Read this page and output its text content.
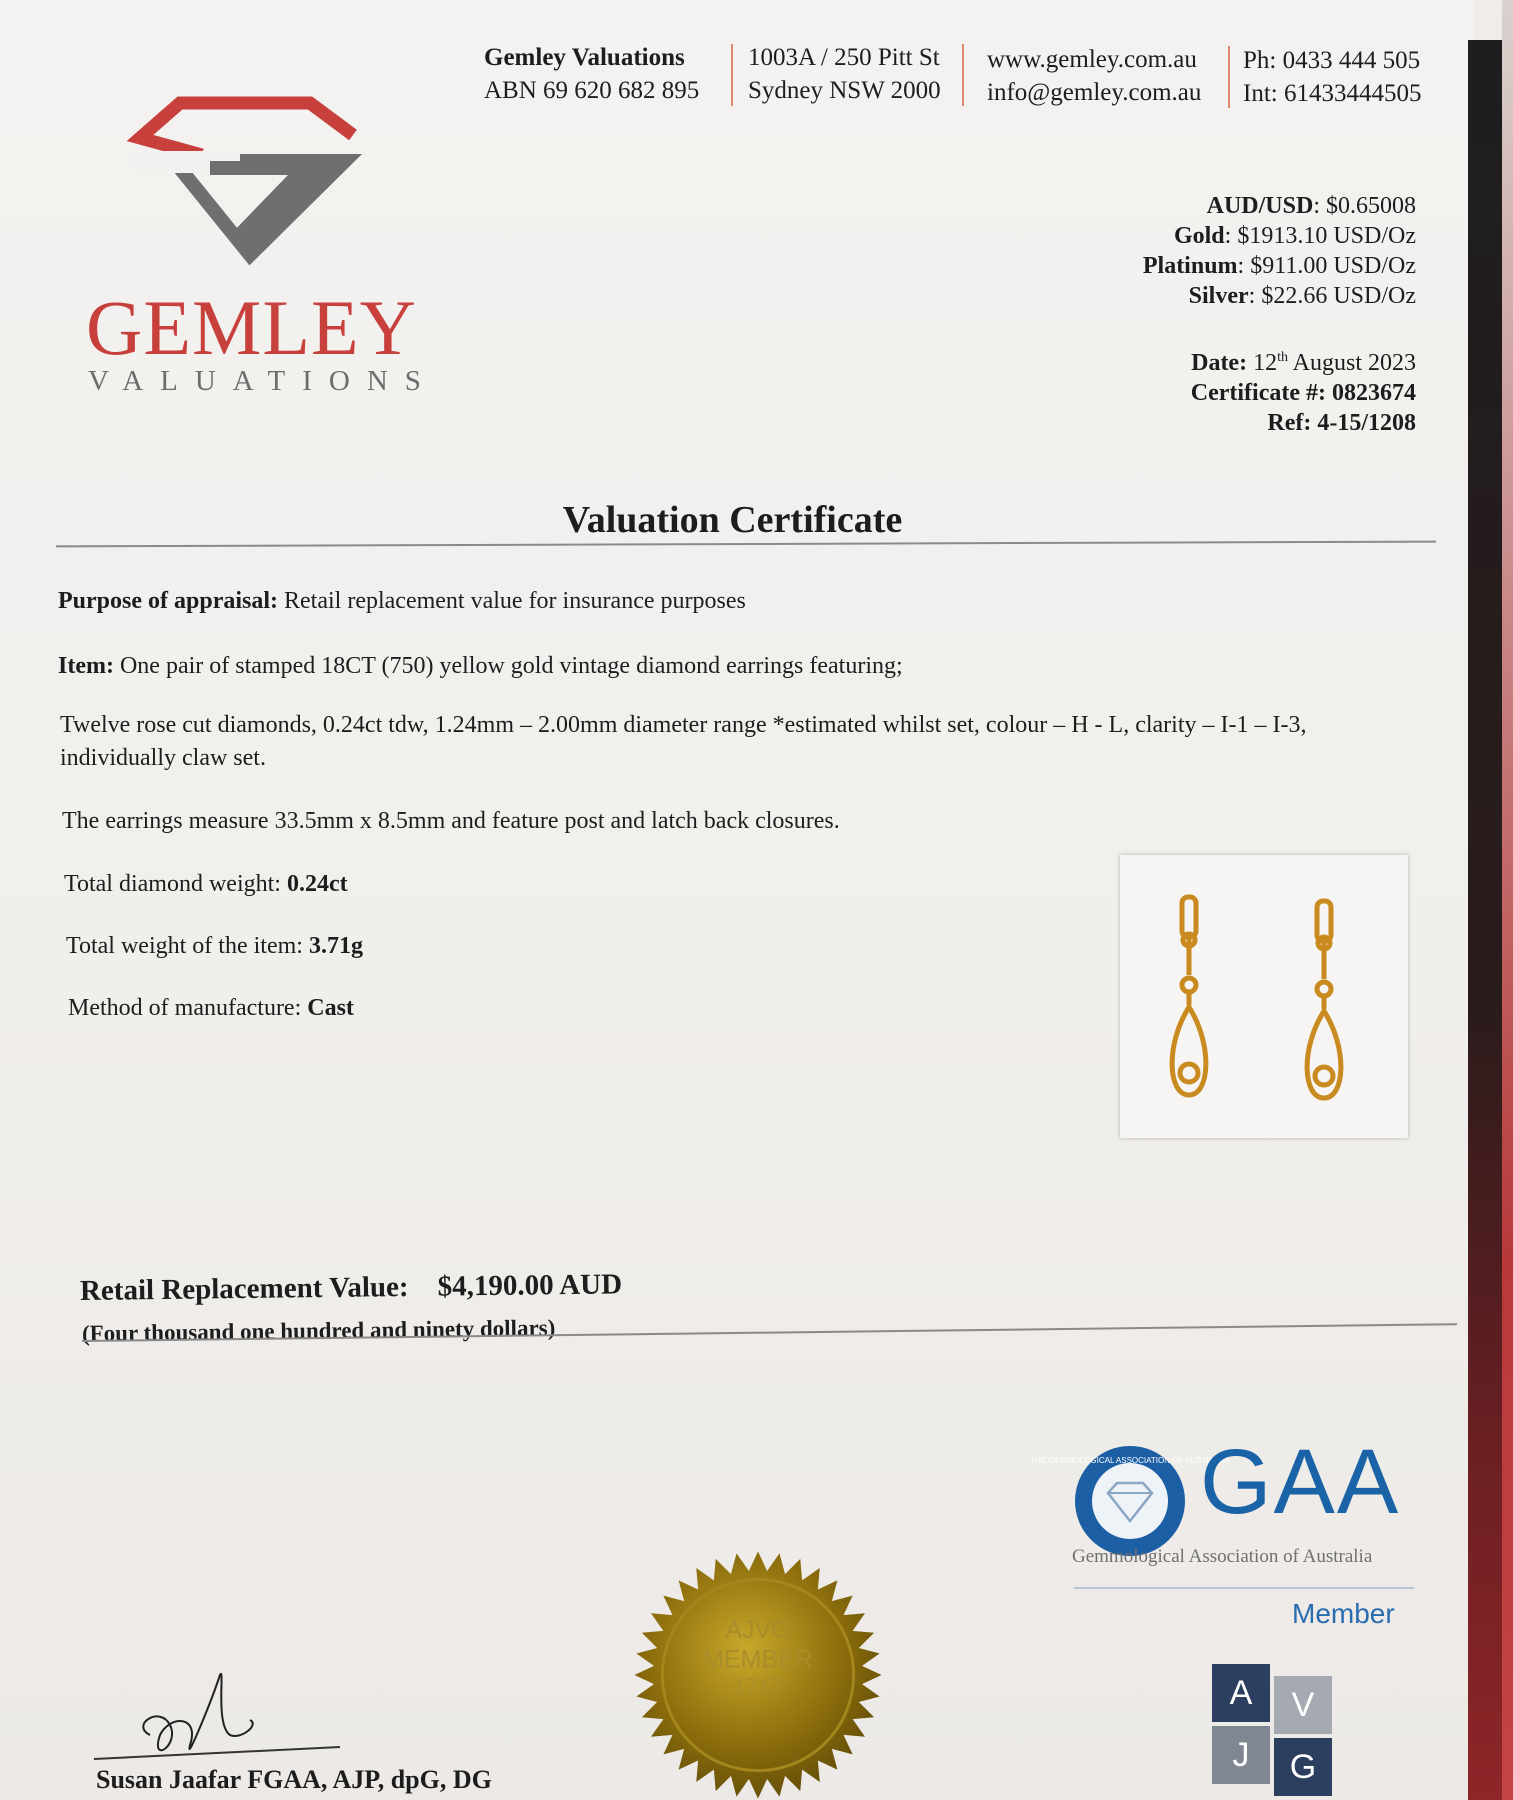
GEMLEY
VALUATIONS
Gemley Valuations
ABN 69 620 682 895
1003A / 250 Pitt St
Sydney NSW 2000
www.gemley.com.au
info@gemley.com.au
Ph: 0433 444 505
Int: 61433444505
AUD/USD: $0.65008
Gold: $1913.10 USD/Oz
Platinum: $911.00 USD/Oz
Silver: $22.66 USD/Oz
Date: 12th August 2023
Certificate #: 0823674
Ref: 4-15/1208
Valuation Certificate
Purpose of appraisal: Retail replacement value for insurance purposes
Item: One pair of stamped 18CT (750) yellow gold vintage diamond earrings featuring;
Twelve rose cut diamonds, 0.24ct tdw, 1.24mm – 2.00mm diameter range *estimated whilst set, colour – H - L, clarity – I-1 – I-3,
individually claw set.
The earrings measure 33.5mm x 8.5mm and feature post and latch back closures.
Total diamond weight: 0.24ct
Total weight of the item: 3.71g
Method of manufacture: Cast
Retail Replacement Value: $4,190.00 AUD
(Four thousand one hundred and ninety dollars)
THE GEMMOLOGICAL ASSOCIATION OF AUSTRALIA
GAA
Gemmological Association of Australia
Member
A	V
J	G
AJVG
MEMBER
1717
Susan Jaafar FGAA, AJP, dpG, DG
